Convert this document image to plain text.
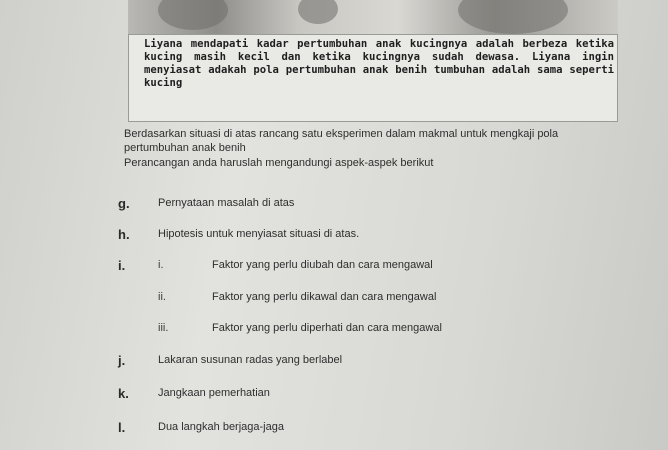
Liyana mendapati kadar pertumbuhan anak kucingnya adalah berbeza ketika kucing masih kecil dan ketika kucingnya sudah dewasa. Liyana ingin menyiasat adakah pola pertumbuhan anak benih tumbuhan adalah sama seperti kucing

Berdasarkan situasi di atas rancang satu eksperimen dalam makmal untuk mengkaji pola
pertumbuhan anak benih
Perancangan anda haruslah mengandungi aspek-aspek berikut
g.	Pernyataan masalah di atas
h.	Hipotesis untuk menyiasat situasi di atas.
i.	i.	Faktor yang perlu diubah dan cara mengawal
ii.	Faktor yang perlu dikawal dan cara mengawal
iii.	Faktor yang perlu diperhati dan cara mengawal
j.	Lakaran susunan radas yang berlabel
k.	Jangkaan pemerhatian
l.	Dua langkah berjaga-jaga
